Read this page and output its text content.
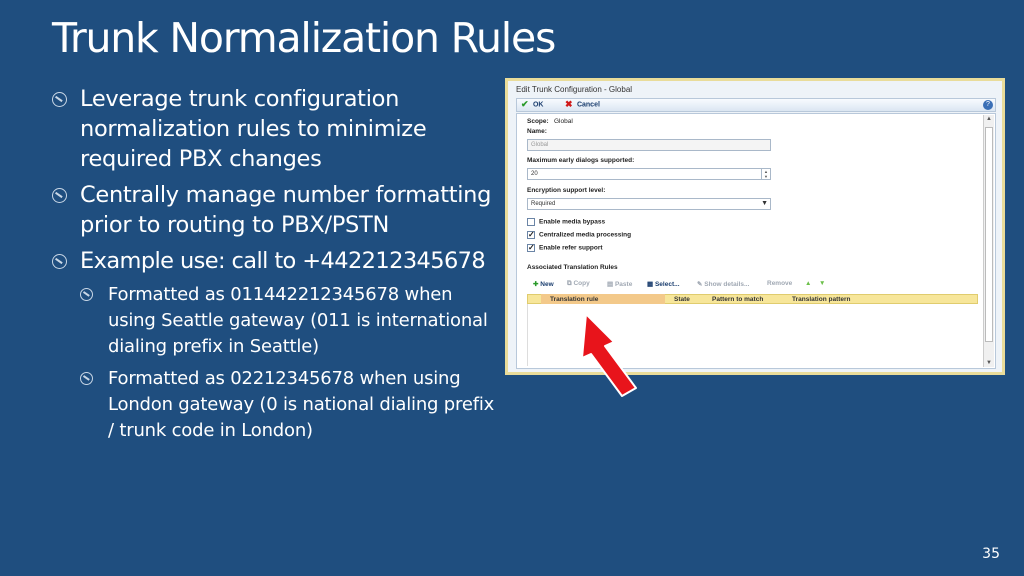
Trunk Normalization Rules
Leverage trunk configuration normalization rules to minimize required PBX changes
Centrally manage number formatting prior to routing to PBX/PSTN
Example use: call to +442212345678
Formatted as 011442212345678 when using Seattle gateway (011 is international dialing prefix in Seattle)
Formatted as 02212345678 when using London gateway (0 is national dialing prefix / trunk code in London)
Edit Trunk Configuration - Global
✔ OK ✖ Cancel	?
Scope: Global
Name:
Global
Maximum early dialogs supported:
20	▲
▼
Encryption support level:
Required	▼
Enable media bypass
✓ Centralized media processing
✓ Enable refer support
Associated Translation Rules
✚ New ⧉ Copy	▤ Paste ▦ Select...	✎ Show details...	Remove ▲ ▼
Translation rule	State	Pattern to match	Translation pattern
▲
▼
35
